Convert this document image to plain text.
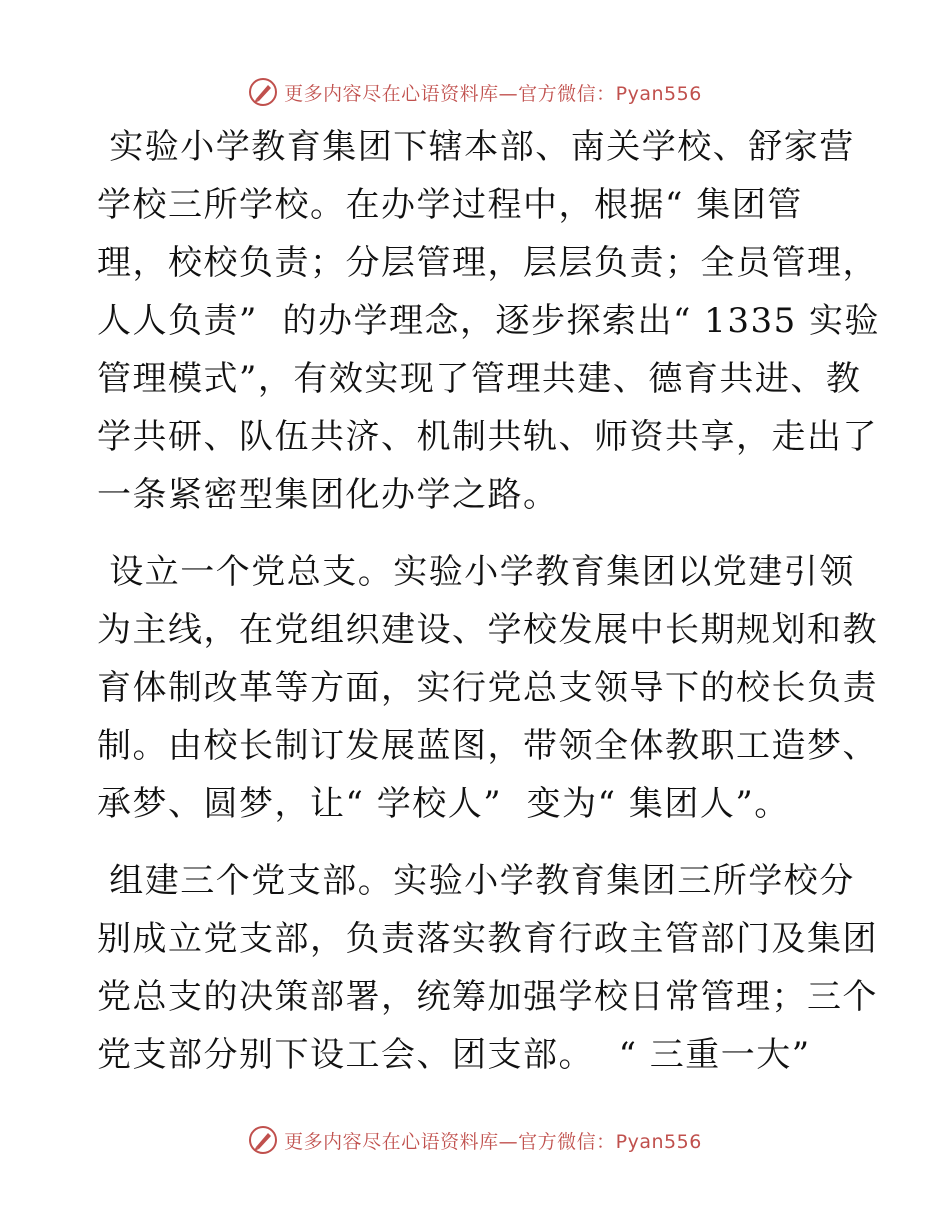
更多内容尽在心语资料库—官方微信：Pyan556
实验小学教育集团下辖本部、南关学校、舒家营
学校三所学校。在办学过程中，根据“ 集团管
理，校校负责；分层管理，层层负责；全员管理，
人人负责”  的办学理念，逐步探索出“ 1335 实验
管理模式”，有效实现了管理共建、德育共进、教
学共研、队伍共济、机制共轨、师资共享，走出了
一条紧密型集团化办学之路。
设立一个党总支。实验小学教育集团以党建引领
为主线，在党组织建设、学校发展中长期规划和教
育体制改革等方面，实行党总支领导下的校长负责
制。由校长制订发展蓝图，带领全体教职工造梦、
承梦、圆梦，让“ 学校人”  变为“ 集团人”。
组建三个党支部。实验小学教育集团三所学校分
别成立党支部，负责落实教育行政主管部门及集团
党总支的决策部署，统筹加强学校日常管理；三个
党支部分别下设工会、团支部。  “ 三重一大”
更多内容尽在心语资料库—官方微信：Pyan556
